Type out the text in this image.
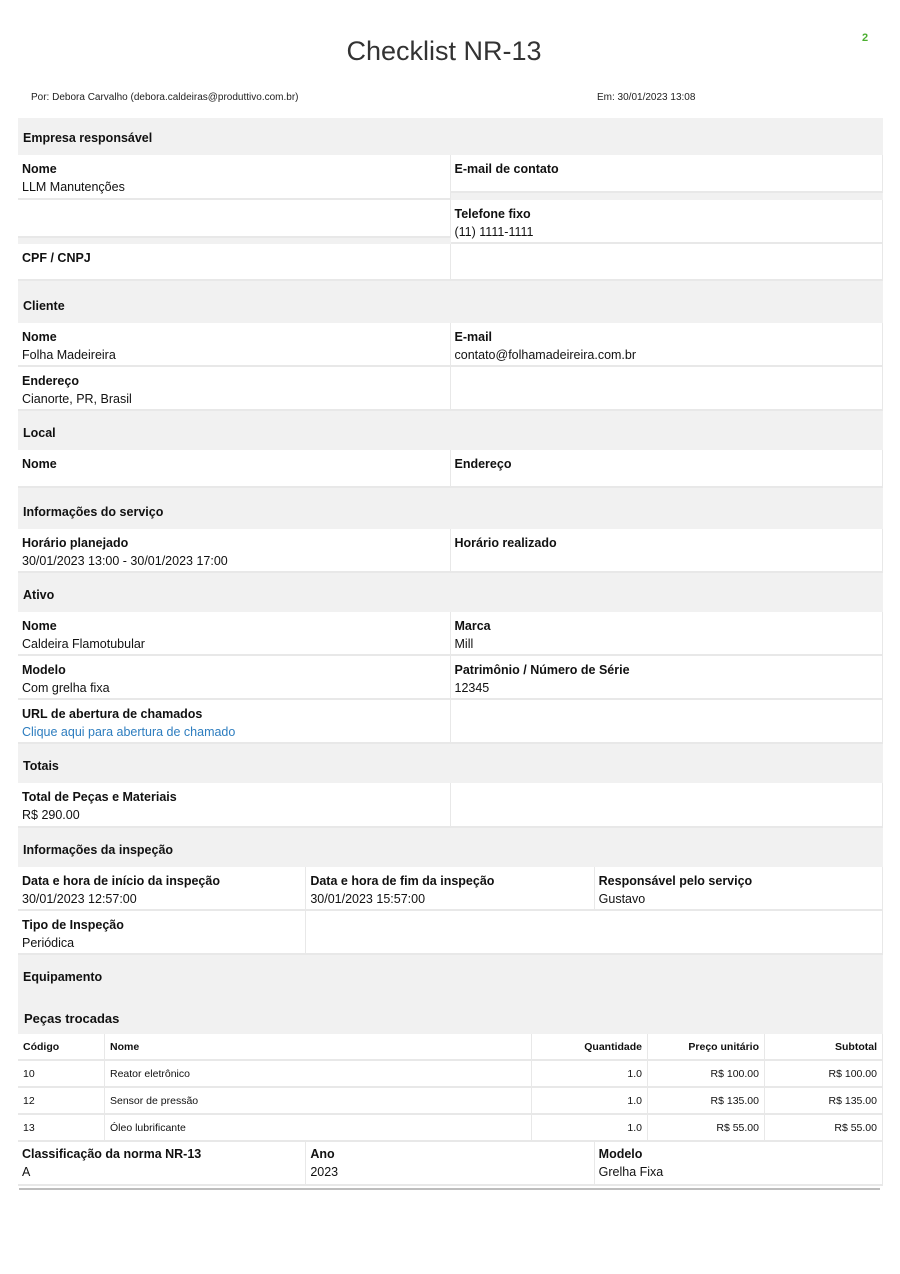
2
Checklist NR-13
Por: Debora Carvalho (debora.caldeiras@produttivo.com.br)	Em: 30/01/2023 13:08
Empresa responsável
Nome
LLM Manutenções
E-mail de contato
Telefone fixo
(11) 1111-1111
CPF / CNPJ
Cliente
Nome
Folha Madeireira
E-mail
contato@folhamadeireira.com.br
Endereço
Cianorte, PR, Brasil
Local
Nome	Endereço
Informações do serviço
Horário planejado
30/01/2023 13:00 - 30/01/2023 17:00
Horário realizado
Ativo
Nome
Caldeira Flamotubular
Marca
Mill
Modelo
Com grelha fixa
Patrimônio / Número de Série
12345
URL de abertura de chamados
Clique aqui para abertura de chamado
Totais
Total de Peças e Materiais
R$ 290.00
Informações da inspeção
Data e hora de início da inspeção
30/01/2023 12:57:00
Data e hora de fim da inspeção
30/01/2023 15:57:00
Responsável pelo serviço
Gustavo
Tipo de Inspeção
Periódica
Equipamento
Peças trocadas
Código	Nome	Quantidade	Preço unitário	Subtotal
10	Reator eletrônico	1.0	R$ 100.00	R$ 100.00
12	Sensor de pressão	1.0	R$ 135.00	R$ 135.00
13	Óleo lubrificante	1.0	R$ 55.00	R$ 55.00
Classificação da norma NR-13
A
Ano
2023
Modelo
Grelha Fixa
